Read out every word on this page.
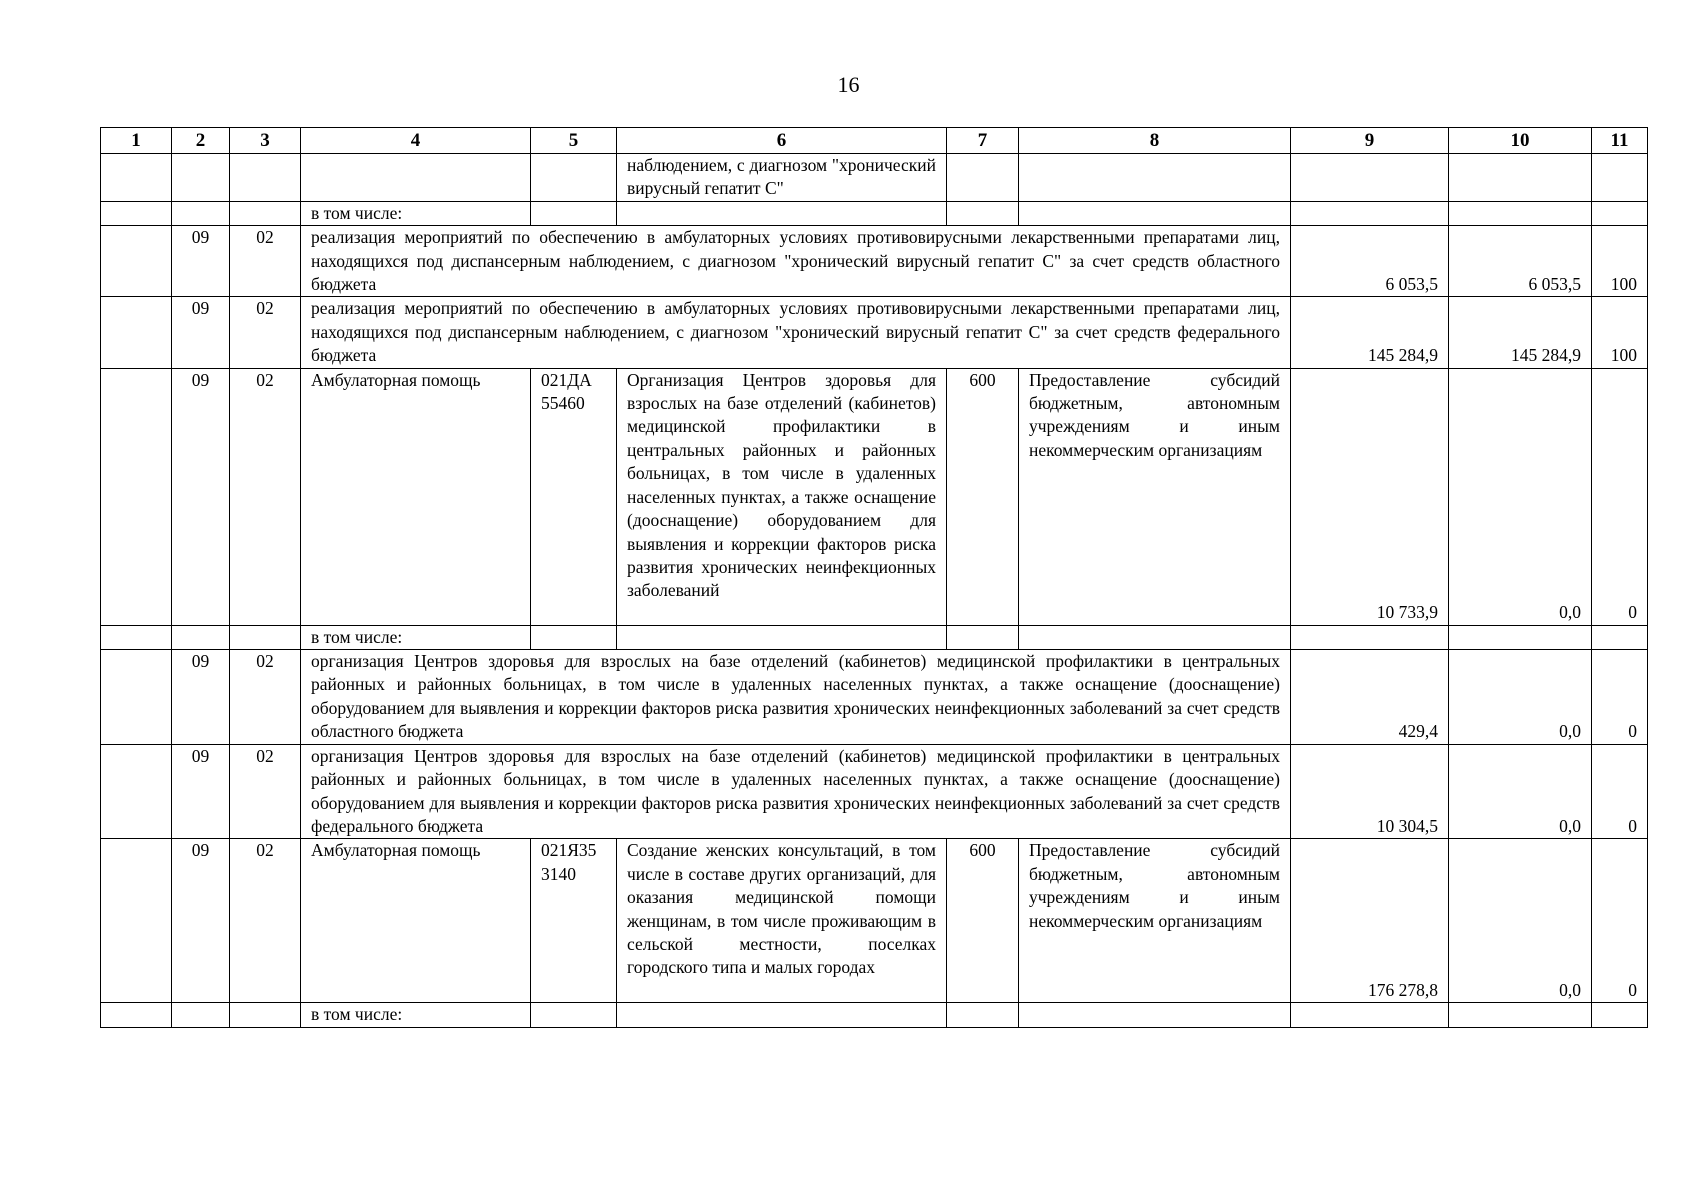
16
1	2	3	4	5	6	7	8	9	10	11
					наблюдением, с диагнозом "хронический вирусный гепатит С"					
			в том числе:							
	09	02	реализация мероприятий по обеспечению в амбулаторных условиях противовирусными лекарственными препаратами лиц, находящихся под диспансерным наблюдением, с диагнозом "хронический вирусный гепатит С" за счет средств областного бюджета					6 053,5	6 053,5	100
	09	02	реализация мероприятий по обеспечению в амбулаторных условиях противовирусными лекарственными препаратами лиц, находящихся под диспансерным наблюдением, с диагнозом "хронический вирусный гепатит С" за счет средств федерального бюджета					145 284,9	145 284,9	100
	09	02	Амбулаторная помощь	021ДА 55460	Организация Центров здоровья для взрослых на базе отделений (кабинетов) медицинской профилактики в центральных районных и районных больницах, в том числе в удаленных населенных пунктах, а также оснащение (дооснащение) оборудованием для выявления и коррекции факторов риска развития хронических неинфекционных заболеваний	600	Предоставление субсидий бюджетным, автономным учреждениям и иным некоммерческим организациям	10 733,9	0,0	0
			в том числе:							
	09	02	организация Центров здоровья для взрослых на базе отделений (кабинетов) медицинской профилактики в центральных районных и районных больницах, в том числе в удаленных населенных пунктах, а также оснащение (дооснащение) оборудованием для выявления и коррекции факторов риска развития хронических неинфекционных заболеваний за счет средств областного бюджета					429,4	0,0	0
	09	02	организация Центров здоровья для взрослых на базе отделений (кабинетов) медицинской профилактики в центральных районных и районных больницах, в том числе в удаленных населенных пунктах, а также оснащение (дооснащение) оборудованием для выявления и коррекции факторов риска развития хронических неинфекционных заболеваний за счет средств федерального бюджета					10 304,5	0,0	0
	09	02	Амбулаторная помощь	021Я35 3140	Создание женских консультаций, в том числе в составе других организаций, для оказания медицинской помощи женщинам, в том числе проживающим в сельской местности, поселках городского типа и малых городах	600	Предоставление субсидий бюджетным, автономным учреждениям и иным некоммерческим организациям	176 278,8	0,0	0
			в том числе:							
